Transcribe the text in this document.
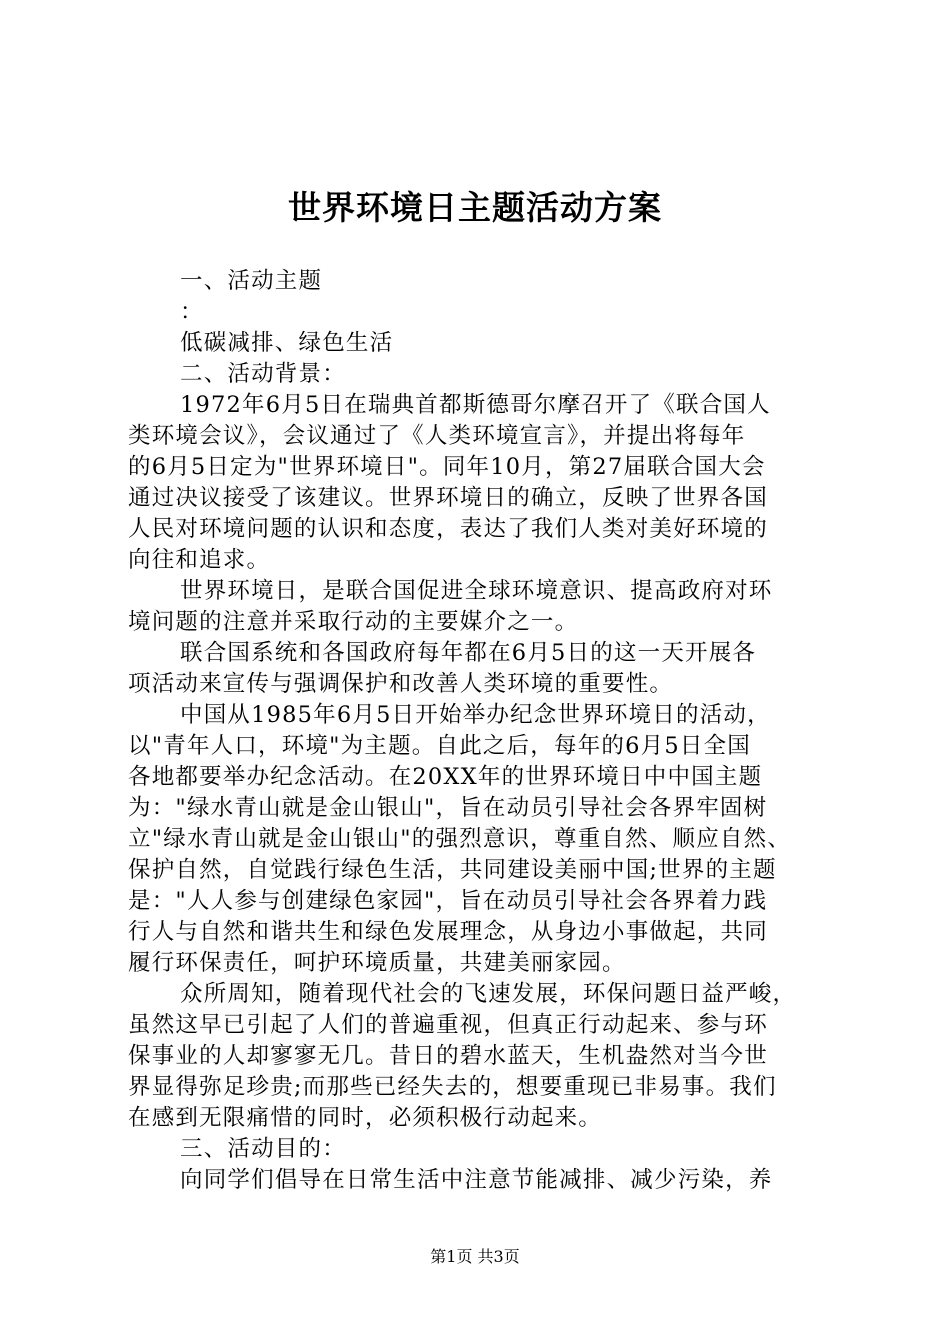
世界环境日主题活动方案
一、活动主题
：
低碳减排、绿色生活
二、活动背景：
1972年6月5日在瑞典首都斯德哥尔摩召开了《联合国人
类环境会议》，会议通过了《人类环境宣言》，并提出将每年
的6月5日定为"世界环境日"。同年10月，第27届联合国大会
通过决议接受了该建议。世界环境日的确立，反映了世界各国
人民对环境问题的认识和态度，表达了我们人类对美好环境的
向往和追求。
世界环境日，是联合国促进全球环境意识、提高政府对环
境问题的注意并采取行动的主要媒介之一。
联合国系统和各国政府每年都在6月5日的这一天开展各
项活动来宣传与强调保护和改善人类环境的重要性。
中国从1985年6月5日开始举办纪念世界环境日的活动，
以"青年人口，环境"为主题。自此之后，每年的6月5日全国
各地都要举办纪念活动。在20XX年的世界环境日中中国主题
为："绿水青山就是金山银山"，旨在动员引导社会各界牢固树
立"绿水青山就是金山银山"的强烈意识，尊重自然、顺应自然、
保护自然，自觉践行绿色生活，共同建设美丽中国;世界的主题
是："人人参与创建绿色家园"，旨在动员引导社会各界着力践
行人与自然和谐共生和绿色发展理念，从身边小事做起，共同
履行环保责任，呵护环境质量，共建美丽家园。
众所周知，随着现代社会的飞速发展，环保问题日益严峻，
虽然这早已引起了人们的普遍重视，但真正行动起来、参与环
保事业的人却寥寥无几。昔日的碧水蓝天，生机盎然对当今世
界显得弥足珍贵;而那些已经失去的，想要重现已非易事。我们
在感到无限痛惜的同时，必须积极行动起来。
三、活动目的：
向同学们倡导在日常生活中注意节能减排、减少污染，养
第1页 共3页
